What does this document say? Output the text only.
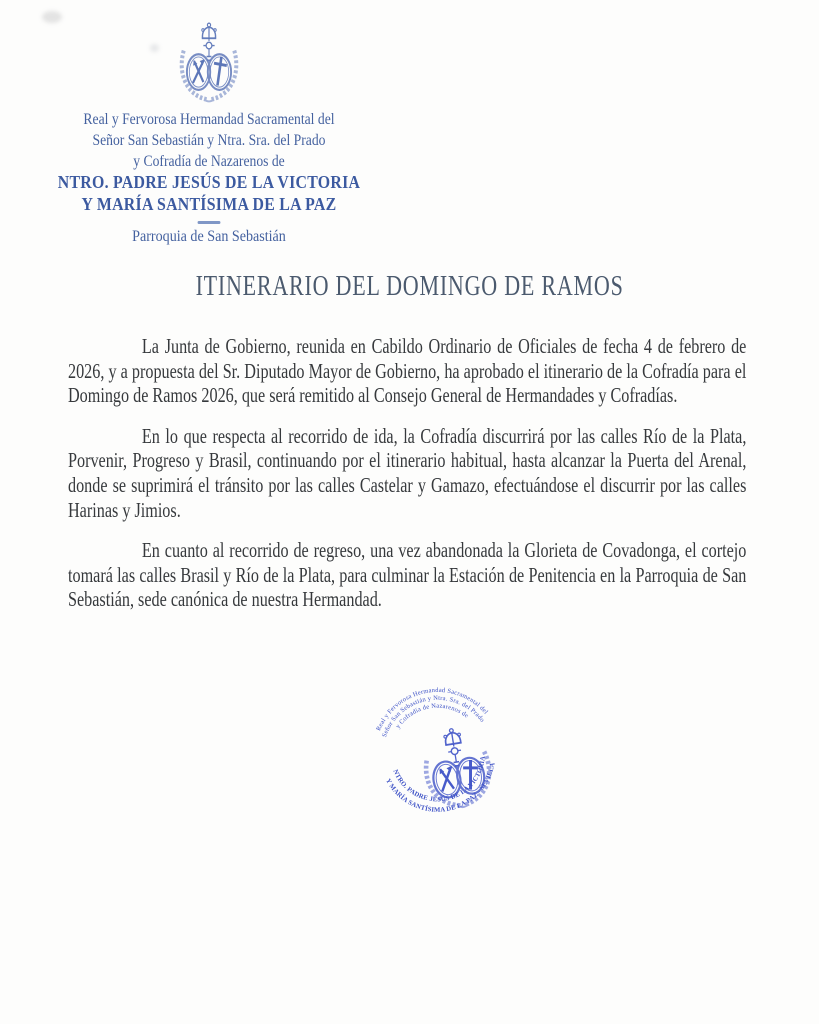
Real y Fervorosa Hermandad Sacramental del
Señor San Sebastián y Ntra. Sra. del Prado
y Cofradía de Nazarenos de
NTRO. PADRE JESÚS DE LA VICTORIA
Y MARÍA SANTÍSIMA DE LA PAZ
Parroquia de San Sebastián
ITINERARIO DEL DOMINGO DE RAMOS

La Junta de Gobierno, reunida en Cabildo Ordinario de Oficiales de fecha 4 de febrero de 2026, y a propuesta del Sr. Diputado Mayor de Gobierno, ha aprobado el itinerario de la Cofradía para el Domingo de Ramos 2026, que será remitido al Consejo General de Hermandades y Cofradías.

En lo que respecta al recorrido de ida, la Cofradía discurrirá por las calles Río de la Plata, Porvenir, Progreso y Brasil, continuando por el itinerario habitual, hasta alcanzar la Puerta del Arenal, donde se suprimirá el tránsito por las calles Castelar y Gamazo, efectuándose el discurrir por las calles Harinas y Jimios.

En cuanto al recorrido de regreso, una vez abandonada la Glorieta de Covadonga, el cortejo tomará las calles Brasil y Río de la Plata, para culminar la Estación de Penitencia en la Parroquia de San Sebastián, sede canónica de nuestra Hermandad.

Real y Fervorosa Hermandad Sacramental del
Señor San Sebastián y Ntra. Sra. del Prado
y Cofradía de Nazarenos de
NTRO. PADRE JESÚS DE LA VICTORIA
Y MARÍA SANTÍSIMA DE LA PAZ - SEVILLA
